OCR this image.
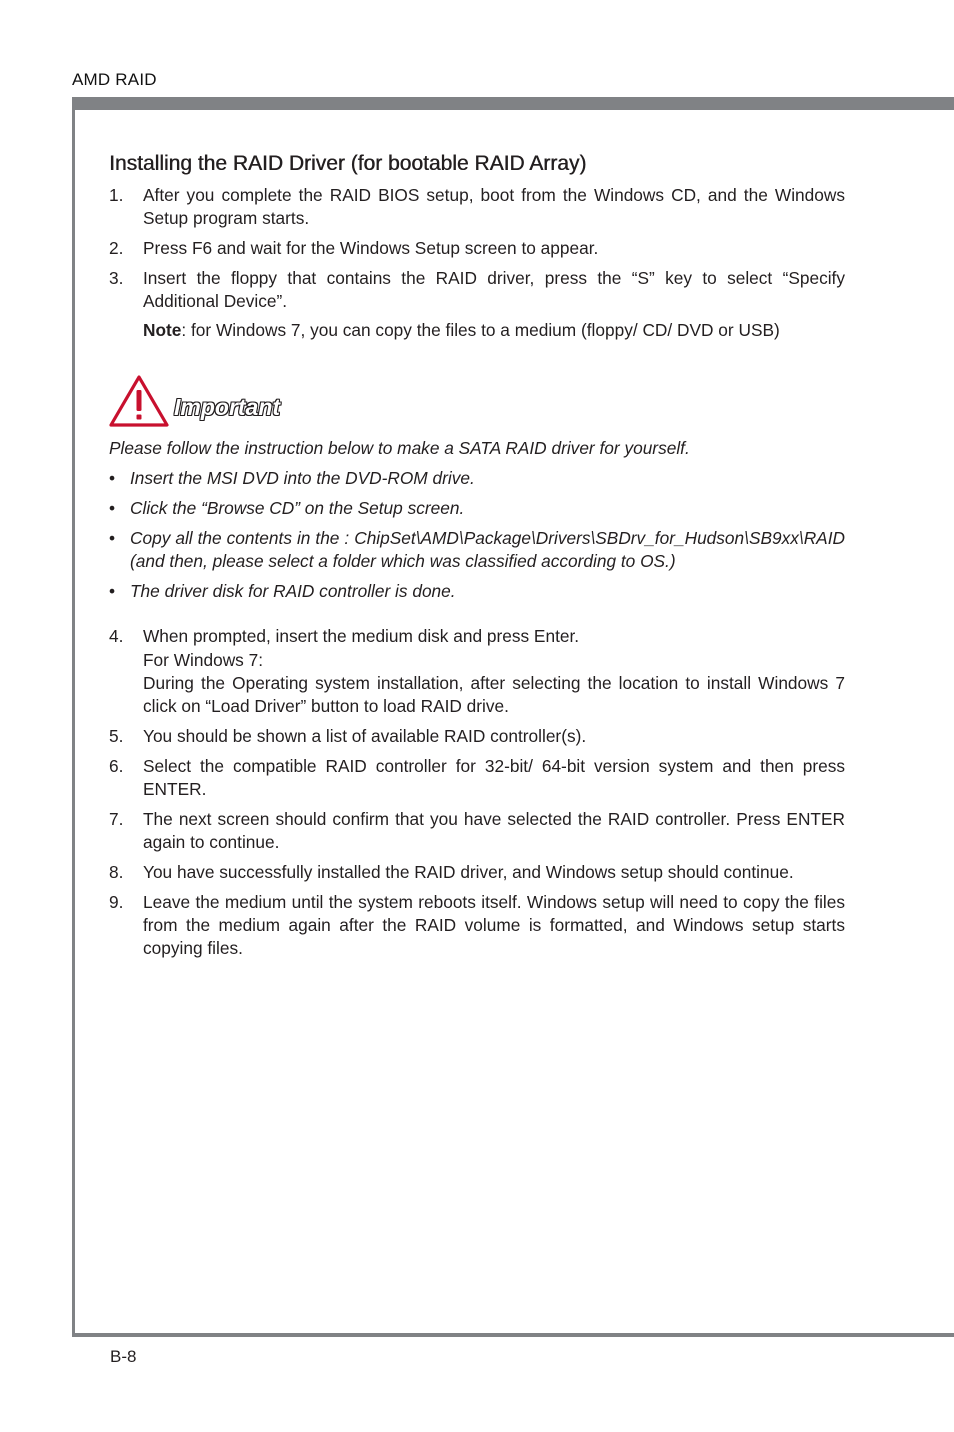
AMD RAID
B-8
Installing the RAID Driver (for bootable RAID Array)
1.	After you complete the RAID BIOS setup, boot from the Windows CD, and the Windows Setup program starts.
2.	Press F6 and wait for the Windows Setup screen to appear.
3.	Insert the floppy that contains the RAID driver, press the “S” key to select “Specify Additional Device”.
Note: for Windows 7, you can copy the files to a medium (floppy/ CD/ DVD or USB)
Important
Please follow the instruction below to make a SATA RAID driver for yourself.
• Insert the MSI DVD into the DVD-ROM drive.
• Click the “Browse CD” on the Setup screen.
• Copy all the contents in the : ChipSet\AMD\Package\Drivers\SBDrv_for_Hudson\SB9xx\RAID (and then, please select a folder which was classified according to OS.)
• The driver disk for RAID controller is done.
4.	When prompted, insert the medium disk and press Enter.
For Windows 7:
During the Operating system installation, after selecting the location to install Windows 7 click on “Load Driver” button to load RAID drive.
5.	You should be shown a list of available RAID controller(s).
6.	Select the compatible RAID controller for 32-bit/ 64-bit version system and then press ENTER.
7.	The next screen should confirm that you have selected the RAID controller. Press ENTER again to continue.
8.	You have successfully installed the RAID driver, and Windows setup should continue.
9.	Leave the medium until the system reboots itself. Windows setup will need to copy the files from the medium again after the RAID volume is formatted, and Windows setup starts copying files.
